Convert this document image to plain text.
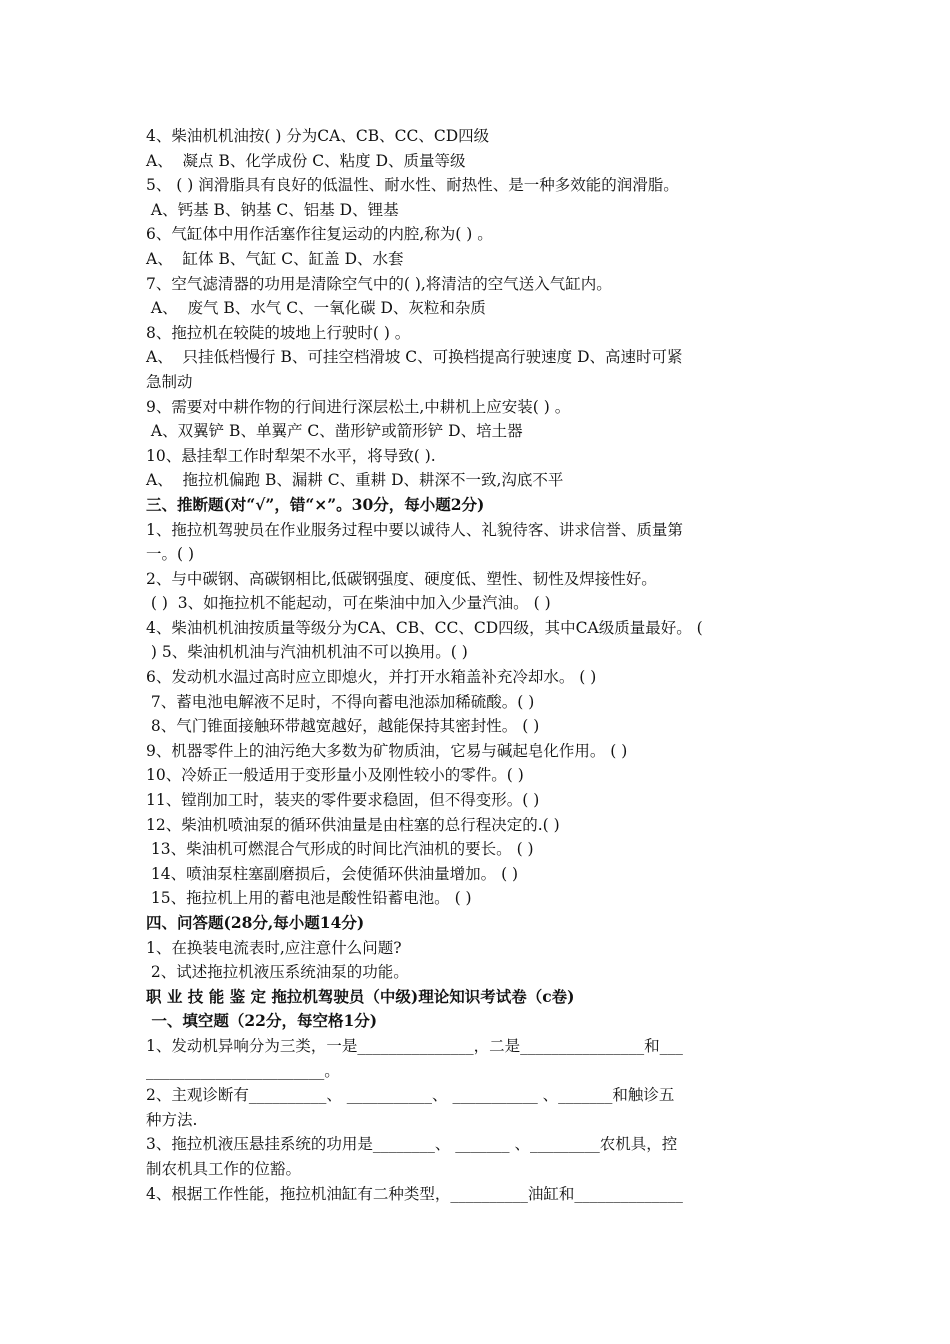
4、柴油机机油按( ) 分为CA、CB、CC、CD四级
A、  凝点 B、化学成份 C、粘度 D、质量等级
5、 ( ) 润滑脂具有良好的低温性、耐水性、耐热性、是一种多效能的润滑脂。
A、钙基 B、钠基 C、铝基 D、锂基
6、气缸体中用作活塞作往复运动的内腔,称为( ) 。
A、  缸体 B、气缸 C、缸盖 D、水套
7、空气滤清器的功用是清除空气中的( ),将清洁的空气送入气缸内。
A、  废气 B、水气 C、一氧化碳 D、灰粒和杂质
8、拖拉机在较陡的坡地上行驶时( ) 。
A、  只挂低档慢行 B、可挂空档滑坡 C、可换档提高行驶速度 D、高速时可紧
急制动
9、需要对中耕作物的行间进行深层松土,中耕机上应安装( ) 。
A、双翼铲 B、单翼产 C、凿形铲或箭形铲 D、培土器
10、悬挂犁工作时犁架不水平，将导致( ).
A、  拖拉机偏跑 B、漏耕 C、重耕 D、耕深不一致,沟底不平
三、推断题(对“√”，错“×”。30分，每小题2分)
1、拖拉机驾驶员在作业服务过程中要以诚待人、礼貌待客、讲求信誉、质量第
一。( )
2、与中碳钢、高碳钢相比,低碳钢强度、硬度低、塑性、韧性及焊接性好。
( )  3、如拖拉机不能起动，可在柴油中加入少量汽油。 ( )
4、柴油机机油按质量等级分为CA、CB、CC、CD四级，其中CA级质量最好。 (
) 5、柴油机机油与汽油机机油不可以换用。( )
6、发动机水温过高时应立即熄火，并打开水箱盖补充冷却水。 ( )
7、蓄电池电解液不足时，不得向蓄电池添加稀硫酸。( )
8、气门锥面接触环带越宽越好，越能保持其密封性。 ( )
9、机器零件上的油污绝大多数为矿物质油，它易与碱起皂化作用。 ( )
10、冷娇正一般适用于变形量小及刚性较小的零件。( )
11、镗削加工时，装夹的零件要求稳固，但不得变形。( )
12、柴油机喷油泵的循环供油量是由柱塞的总行程决定的.( )
13、柴油机可燃混合气形成的时间比汽油机的要长。 ( )
14、喷油泵柱塞副磨损后，会使循环供油量增加。 ( )
15、拖拉机上用的蓄电池是酸性铅蓄电池。 ( )
四、问答题(28分,每小题14分)
1、在换装电流表时,应注意什么问题?
2、试述拖拉机液压系统油泵的功能。
职 业 技 能 鉴 定 拖拉机驾驶员（中级)理论知识考试卷（c卷)
一、填空题（22分，每空格1分)
1、发动机异响分为三类，一是_______________，二是________________和___
_______________________。
2、主观诊断有__________、 ___________、 ___________ 、_______和触诊五
种方法.
3、拖拉机液压悬挂系统的功用是________、 _______ 、_________农机具，控
制农机具工作的位豁。
4、根据工作性能，拖拉机油缸有二种类型，__________油缸和______________
